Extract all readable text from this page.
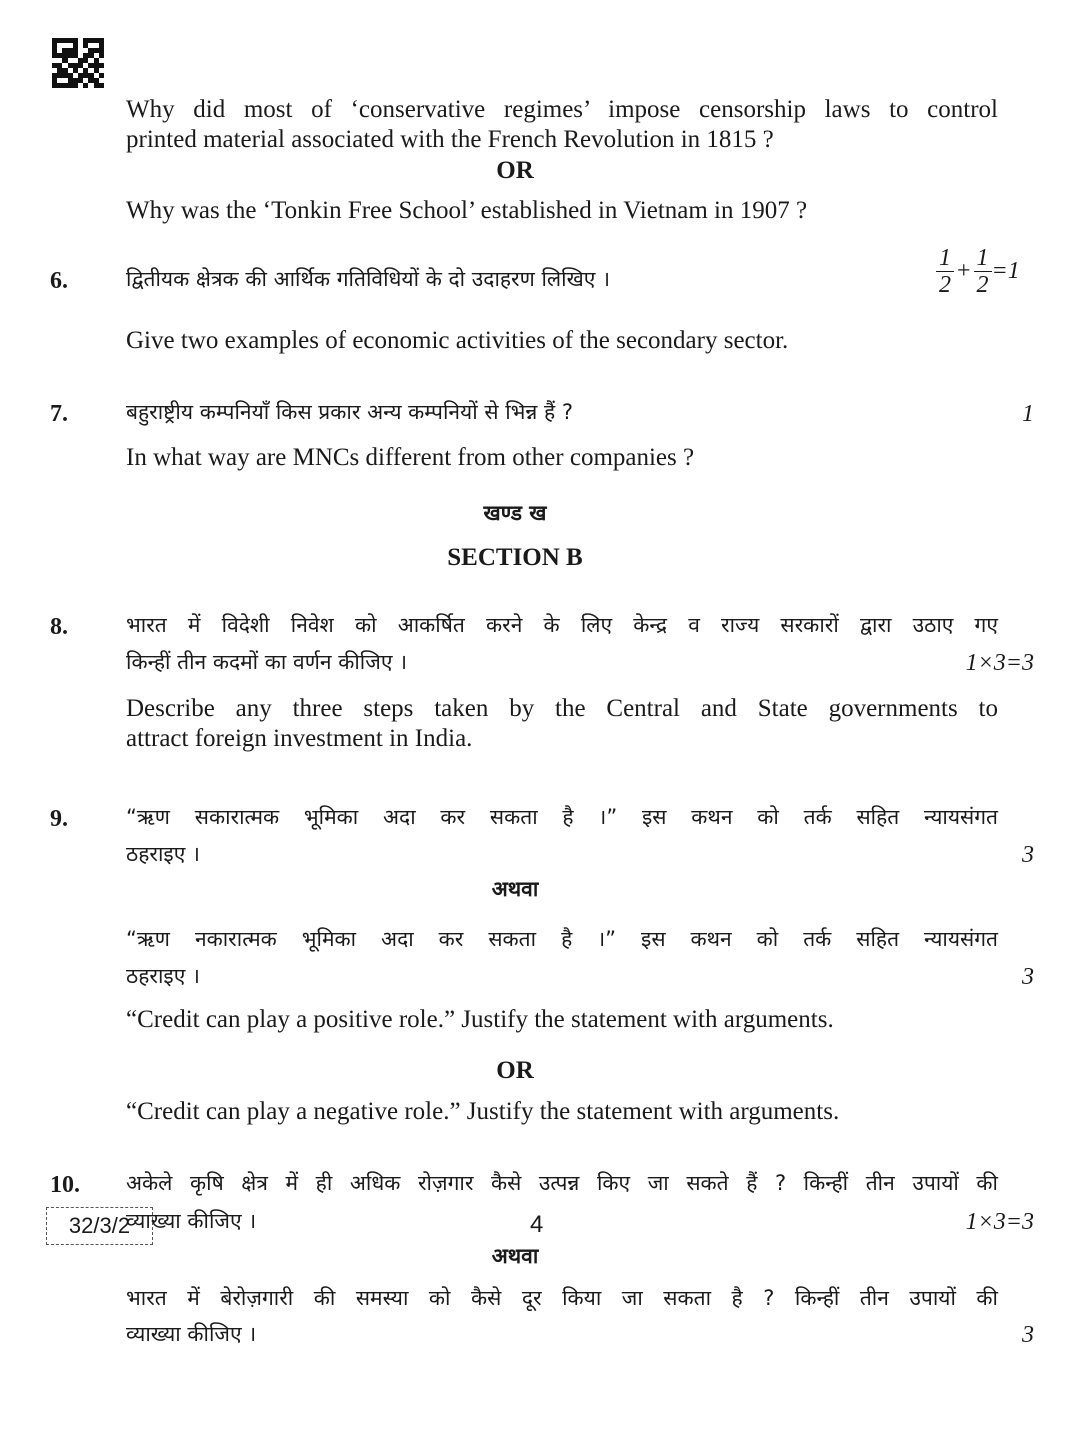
Why did most of ‘conservative regimes’ impose censorship laws to control
printed material associated with the French Revolution in 1815 ?
OR
Why was the ‘Tonkin Free School’ established in Vietnam in 1907 ?
6.	द्वितीयक क्षेत्रक की आर्थिक गतिविधियों के दो उदाहरण लिखिए ।	$\frac{1}{2} + \frac{1}{2} =1$
Give two examples of economic activities of the secondary sector.
7.	बहुराष्ट्रीय कम्पनियाँ किस प्रकार अन्य कम्पनियों से भिन्न हैं ?	1
In what way are MNCs different from other companies ?
खण्ड ख
SECTION B
8.	भारत में विदेशी निवेश को आकर्षित करने के लिए केन्द्र व राज्य सरकारों द्वारा उठाए गए
किन्हीं तीन कदमों का वर्णन कीजिए ।	1×3=3
Describe any three steps taken by the Central and State governments to
attract foreign investment in India.
9.	“ऋण सकारात्मक भूमिका अदा कर सकता है ।” इस कथन को तर्क सहित न्यायसंगत
ठहराइए ।	3
अथवा
“ऋण नकारात्मक भूमिका अदा कर सकता है ।” इस कथन को तर्क सहित न्यायसंगत
ठहराइए ।	3
“Credit can play a positive role.” Justify the statement with arguments.
OR
“Credit can play a negative role.” Justify the statement with arguments.
10. अकेले कृषि क्षेत्र में ही अधिक रोज़गार कैसे उत्पन्न किए जा सकते हैं ? किन्हीं तीन उपायों की
व्याख्या कीजिए ।	1×3=3
अथवा
भारत में बेरोज़गारी की समस्या को कैसे दूर किया जा सकता है ? किन्हीं तीन उपायों की
व्याख्या कीजिए ।	3
32/3/2	4
